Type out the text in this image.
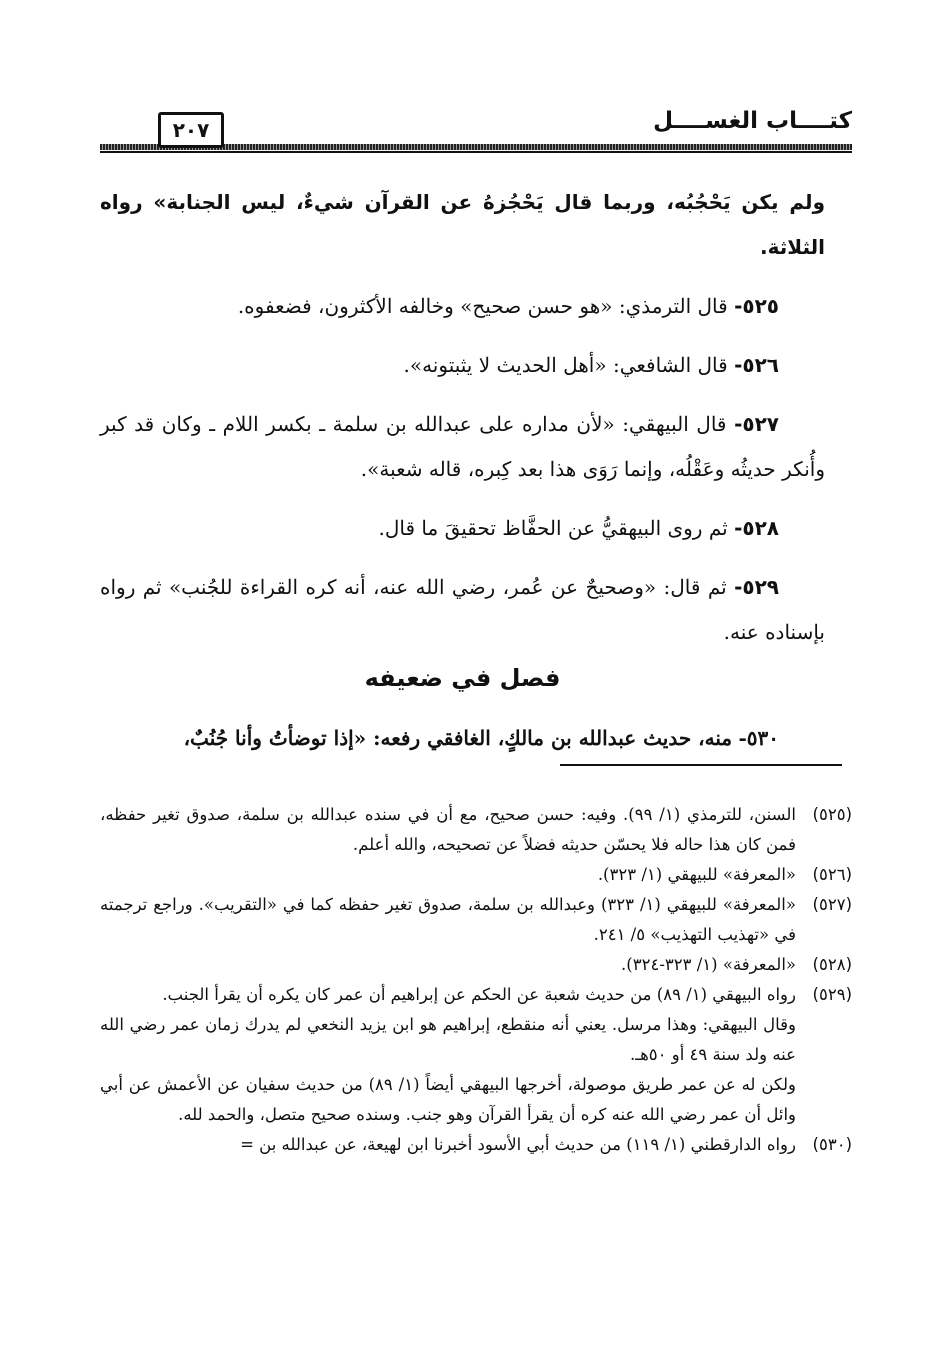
كتــــاب الغســــل
٢٠٧

ولم يكن يَحْجُبُه، وربما قال يَحْجُزهُ عن القرآن شيءٌ، ليس الجنابة» رواه الثلاثة.

٥٢٥- قال الترمذي: «هو حسن صحيح» وخالفه الأكثرون، فضعفوه.

٥٢٦- قال الشافعي: «أهل الحديث لا يثبتونه».

٥٢٧- قال البيهقي: «لأن مداره على عبدالله بن سلمة ـ بكسر اللام ـ وكان قد كبر وأُنكر حديثُه وعَقْلُه، وإنما رَوَى هذا بعد كِبره، قاله شعبة».

٥٢٨- ثم روى البيهقيُّ عن الحفَّاظ تحقيقَ ما قال.

٥٢٩- ثم قال: «وصحيحٌ عن عُمر، رضي الله عنه، أنه كره القراءة للجُنب» ثم رواه بإسناده عنه.

فصل في ضعيفه
٥٣٠- منه، حديث عبدالله بن مالكٍ، الغافقي رفعه: «إذا توضأتُ وأنا جُنُبٌ،
(٥٢٥)

السنن، للترمذي (١/ ٩٩). وفيه: حسن صحيح، مع أن في سنده عبدالله بن سلمة، صدوق تغير حفظه، فمن كان هذا حاله فلا يحسّن حديثه فضلاً عن تصحيحه، والله أعلم.

(٥٢٦)

«المعرفة» للبيهقي (١/ ٣٢٣).

(٥٢٧)

«المعرفة» للبيهقي (١/ ٣٢٣) وعبدالله بن سلمة، صدوق تغير حفظه كما في «التقريب». وراجع ترجمته في «تهذيب التهذيب» ٥/ ٢٤١.

(٥٢٨)

«المعرفة» (١/ ٣٢٣-٣٢٤).

(٥٢٩)

رواه البيهقي (١/ ٨٩) من حديث شعبة عن الحكم عن إبراهيم أن عمر كان يكره أن يقرأ الجنب.

وقال البيهقي: وهذا مرسل. يعني أنه منقطع، إبراهيم هو ابن يزيد النخعي لم يدرك زمان عمر رضي الله عنه ولد سنة ٤٩ أو ٥٠هـ.

ولكن له عن عمر طريق موصولة، أخرجها البيهقي أيضاً (١/ ٨٩) من حديث سفيان عن الأعمش عن أبي وائل أن عمر رضي الله عنه كره أن يقرأ القرآن وهو جنب. وسنده صحيح متصل، والحمد لله.

(٥٣٠)

رواه الدارقطني (١/ ١١٩) من حديث أبي الأسود أخبرنا ابن لهيعة، عن عبدالله بن =
